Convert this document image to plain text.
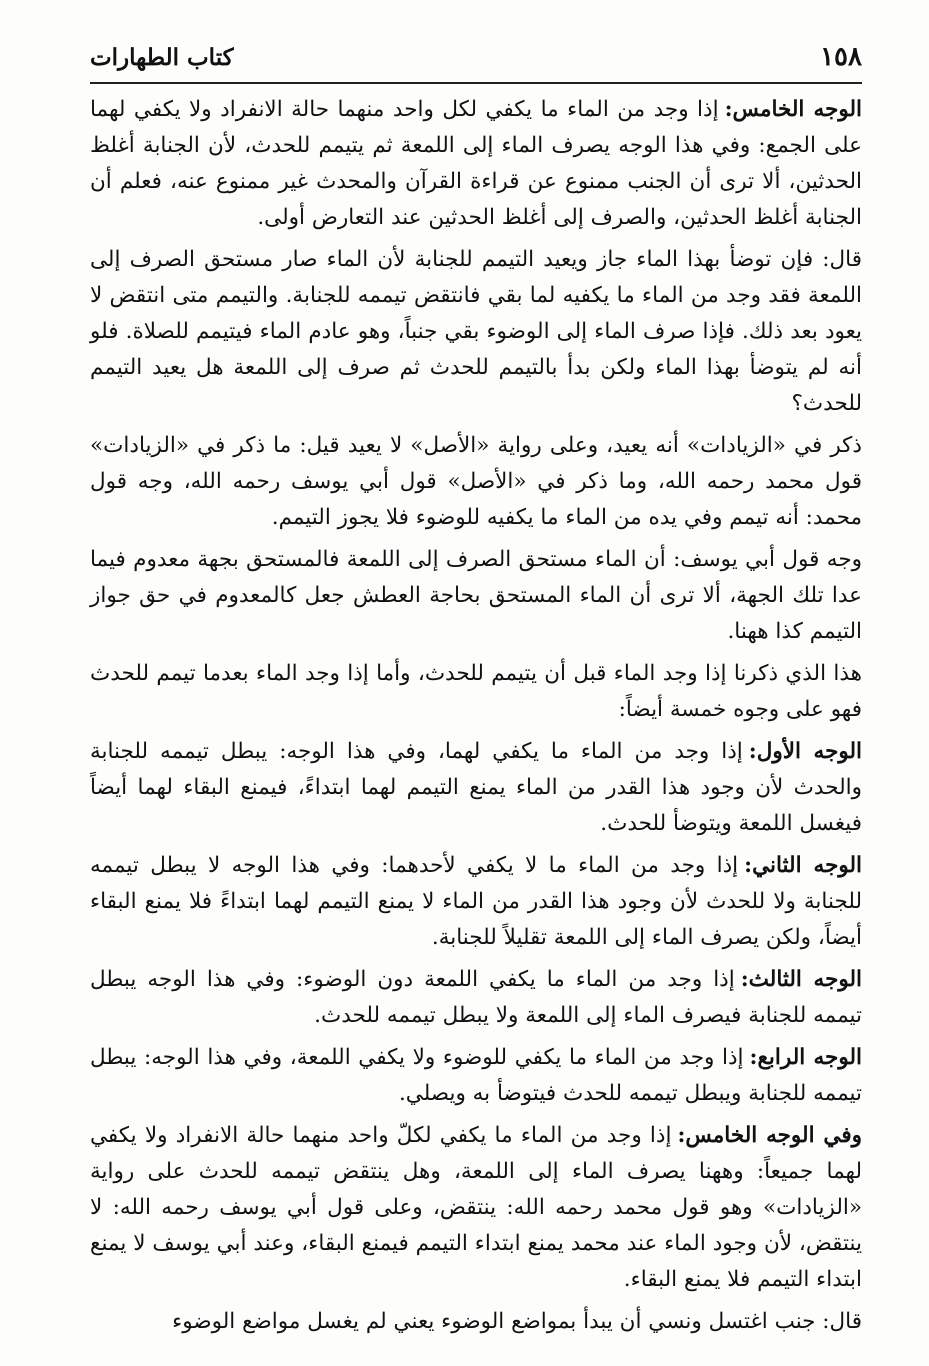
١٥٨
كتاب الطهارات

الوجه الخامس:إذا وجد من الماء ما يكفي لكل واحد منهما حالة الانفراد ولا يكفي لهما على الجمع: وفي هذا الوجه يصرف الماء إلى اللمعة ثم يتيمم للحدث، لأن الجنابة أغلظ الحدثين، ألا ترى أن الجنب ممنوع عن قراءة القرآن والمحدث غير ممنوع عنه، فعلم أن الجنابة أغلظ الحدثين، والصرف إلى أغلظ الحدثين عند التعارض أولى.

قال: فإن توضأ بهذا الماء جاز ويعيد التيمم للجنابة لأن الماء صار مستحق الصرف إلى اللمعة فقد وجد من الماء ما يكفيه لما بقي فانتقض تيممه للجنابة. والتيمم متى انتقض لا يعود بعد ذلك. فإذا صرف الماء إلى الوضوء بقي جنباً، وهو عادم الماء فيتيمم للصلاة. فلو أنه لم يتوضأ بهذا الماء ولكن بدأ بالتيمم للحدث ثم صرف إلى اللمعة هل يعيد التيمم للحدث؟

ذكر في «الزيادات» أنه يعيد، وعلى رواية «الأصل» لا يعيد قيل: ما ذكر في «الزيادات» قول محمد رحمه الله، وما ذكر في «الأصل» قول أبي يوسف رحمه الله، وجه قول محمد: أنه تيمم وفي يده من الماء ما يكفيه للوضوء فلا يجوز التيمم.

وجه قول أبي يوسف: أن الماء مستحق الصرف إلى اللمعة فالمستحق بجهة معدوم فيما عدا تلك الجهة، ألا ترى أن الماء المستحق بحاجة العطش جعل كالمعدوم في حق جواز التيمم كذا ههنا.

هذا الذي ذكرنا إذا وجد الماء قبل أن يتيمم للحدث، وأما إذا وجد الماء بعدما تيمم للحدث فهو على وجوه خمسة أيضاً:

الوجه الأول:إذا وجد من الماء ما يكفي لهما، وفي هذا الوجه: يبطل تيممه للجنابة والحدث لأن وجود هذا القدر من الماء يمنع التيمم لهما ابتداءً، فيمنع البقاء لهما أيضاً فيغسل اللمعة ويتوضأ للحدث.

الوجه الثاني:إذا وجد من الماء ما لا يكفي لأحدهما: وفي هذا الوجه لا يبطل تيممه للجنابة ولا للحدث لأن وجود هذا القدر من الماء لا يمنع التيمم لهما ابتداءً فلا يمنع البقاء أيضاً، ولكن يصرف الماء إلى اللمعة تقليلاً للجنابة.

الوجه الثالث:إذا وجد من الماء ما يكفي اللمعة دون الوضوء: وفي هذا الوجه يبطل تيممه للجنابة فيصرف الماء إلى اللمعة ولا يبطل تيممه للحدث.

الوجه الرابع:إذا وجد من الماء ما يكفي للوضوء ولا يكفي اللمعة، وفي هذا الوجه: يبطل تيممه للجنابة ويبطل تيممه للحدث فيتوضأ به ويصلي.

وفي الوجه الخامس:إذا وجد من الماء ما يكفي لكلّ واحد منهما حالة الانفراد ولا يكفي لهما جميعاً: وههنا يصرف الماء إلى اللمعة، وهل ينتقض تيممه للحدث على رواية «الزيادات» وهو قول محمد رحمه الله: ينتقض، وعلى قول أبي يوسف رحمه الله: لا ينتقض، لأن وجود الماء عند محمد يمنع ابتداء التيمم فيمنع البقاء، وعند أبي يوسف لا يمنع ابتداء التيمم فلا يمنع البقاء.

قال: جنب اغتسل ونسي أن يبدأ بمواضع الوضوء يعني لم يغسل مواضع الوضوء
